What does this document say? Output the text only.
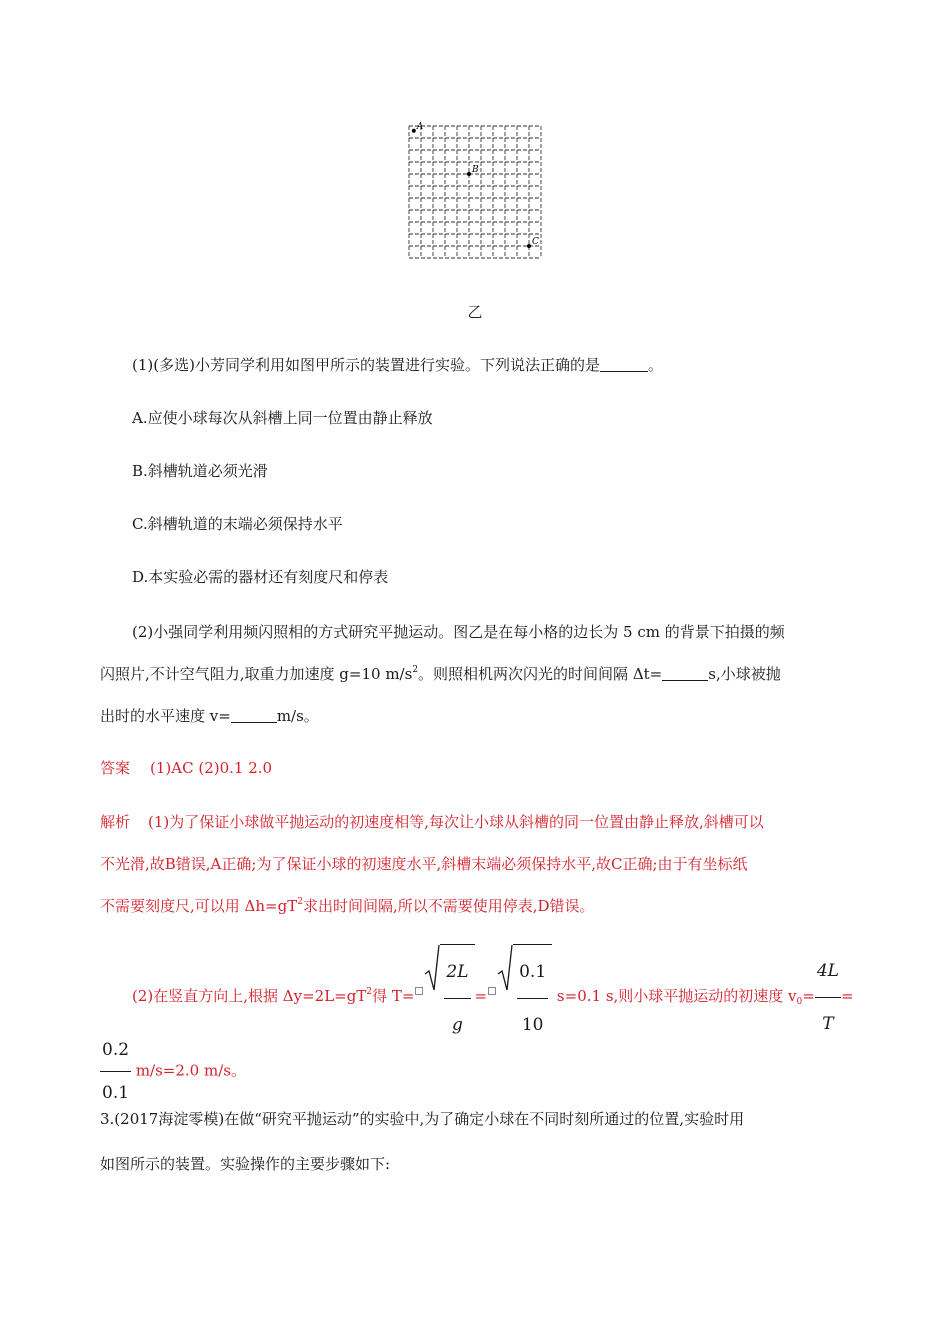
A
B
C
乙
(1)(多选)小芳同学利用如图甲所示的装置进行实验。下列说法正确的是	。
A.应使小球每次从斜槽上同一位置由静止释放
B.斜槽轨道必须光滑
C.斜槽轨道的末端必须保持水平
D.本实验必需的器材还有刻度尺和停表
(2)小强同学利用频闪照相的方式研究平抛运动。图乙是在每小格的边长为 5 cm 的背景下拍摄的频
闪照片,不计空气阻力,取重力加速度 g=10 $m/s^2$。则照相机两次闪光的时间间隔 Δt=	s,小球被抛
出时的水平速度 v=	m/s。
答案 (1)AC (2)0.1 2.0
解析 (1)为了保证小球做平抛运动的初速度相等,每次让小球从斜槽的同一位置由静止释放,斜槽可以
不光滑,故B错误,A正确;为了保证小球的初速度水平,斜槽末端必须保持水平,故C正确;由于有坐标纸
不需要刻度尺,可以用 $\Delta h=gT^2$求出时间间隔,所以不需要使用停表,D错误。
(2)在竖直方向上,根据 $\Delta y=2L=gT^2$得 $T= \frac{2L}{g} = \frac{0.1}{10} s=0.1$ s,则小球平抛运动的初速度 $v_0= \frac{4L}{T}$ =
$\frac{0.2}{0.1} m/s=2.0$ m/s。
3.(2017海淀零模)在做“研究平抛运动”的实验中,为了确定小球在不同时刻所通过的位置,实验时用
如图所示的装置。实验操作的主要步骤如下:
